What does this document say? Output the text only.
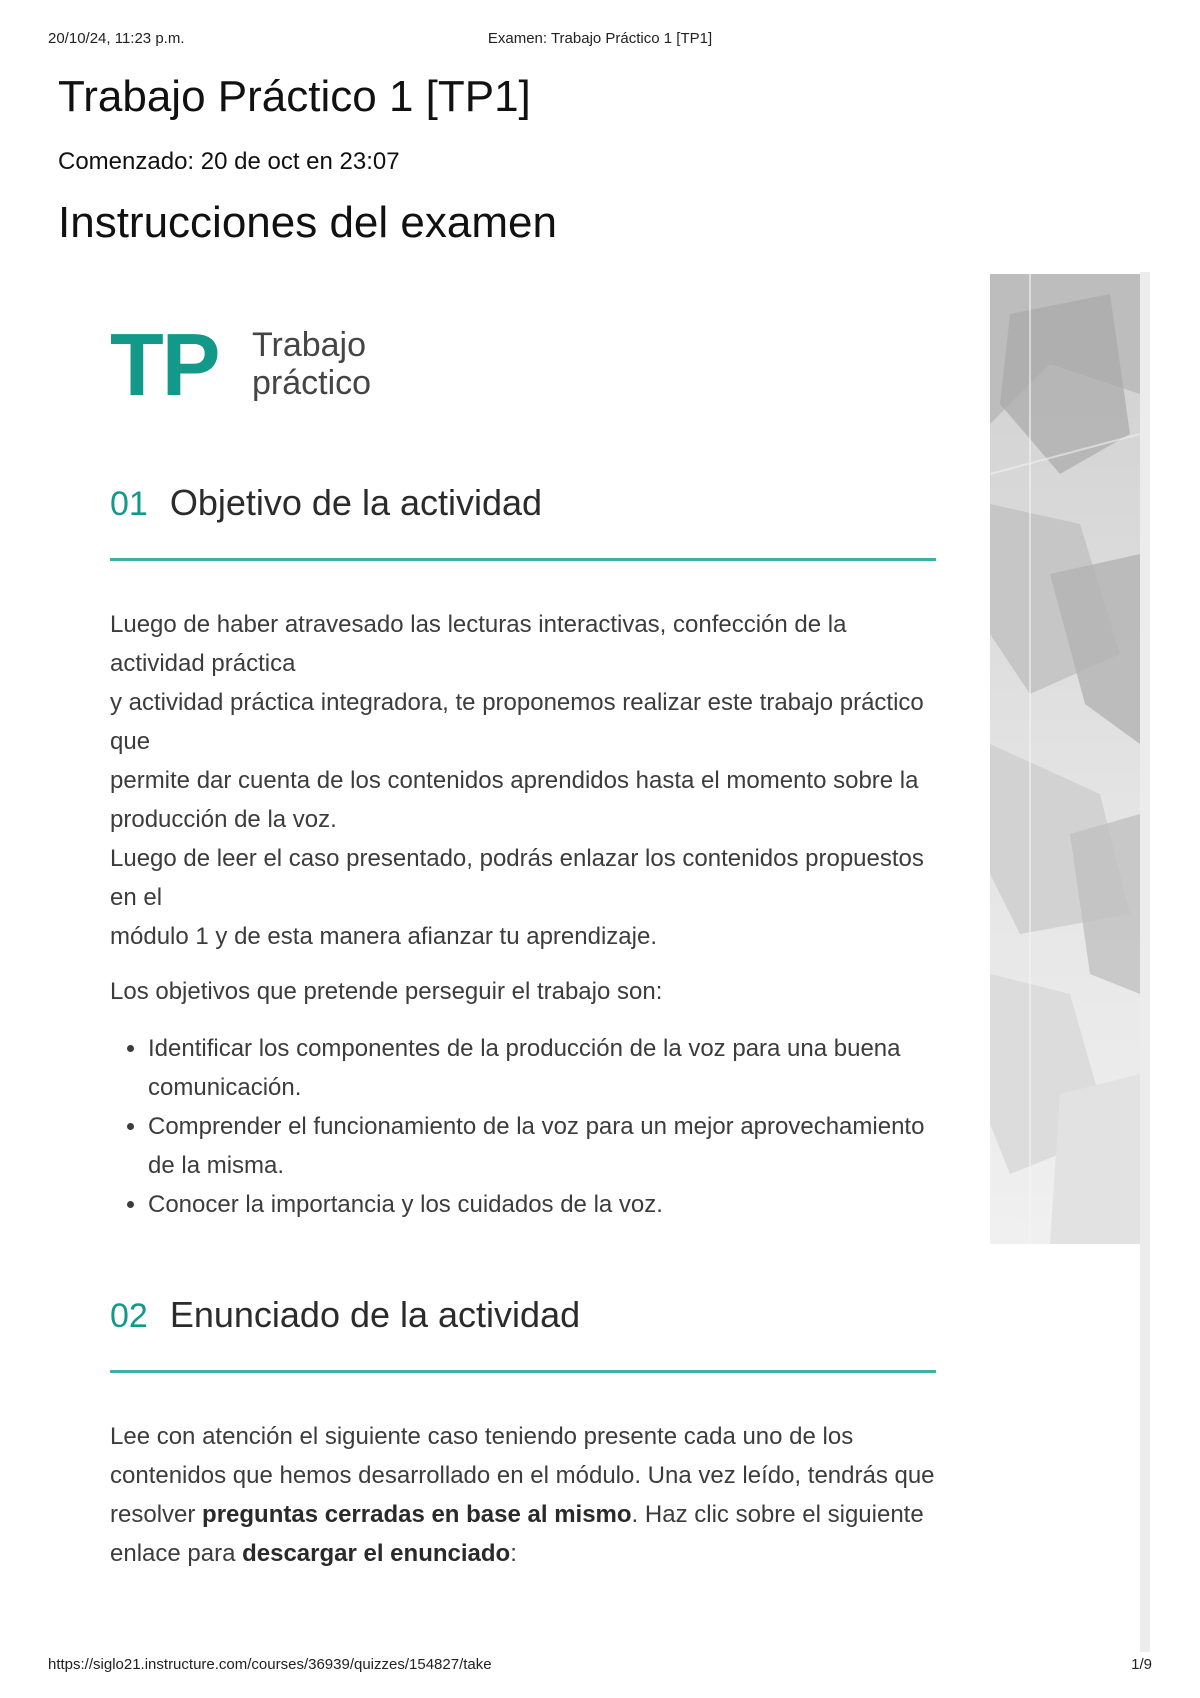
20/10/24, 11:23 p.m.	Examen: Trabajo Práctico 1 [TP1]
Trabajo Práctico 1 [TP1]
Comenzado: 20 de oct en 23:07
Instrucciones del examen
TP Trabajo
práctico
01 Objetivo de la actividad

Luego de haber atravesado las lecturas interactivas, confección de la actividad práctica
y actividad práctica integradora, te proponemos realizar este trabajo práctico que
permite dar cuenta de los contenidos aprendidos hasta el momento sobre la producción de la voz.
Luego de leer el caso presentado, podrás enlazar los contenidos propuestos en el
módulo 1 y de esta manera afianzar tu aprendizaje.

Los objetivos que pretende perseguir el trabajo son:

• Identificar los componentes de la producción de la voz para una buena comunicación.
• Comprender el funcionamiento de la voz para un mejor aprovechamiento de la misma.
• Conocer la importancia y los cuidados de la voz.
02 Enunciado de la actividad

Lee con atención el siguiente caso teniendo presente cada uno de los contenidos que hemos desarrollado en el módulo. Una vez leído, tendrás que resolver preguntas cerradas en base al mismo. Haz clic sobre el siguiente enlace para descargar el enunciado:

https://siglo21.instructure.com/courses/36939/quizzes/154827/take	1/9
